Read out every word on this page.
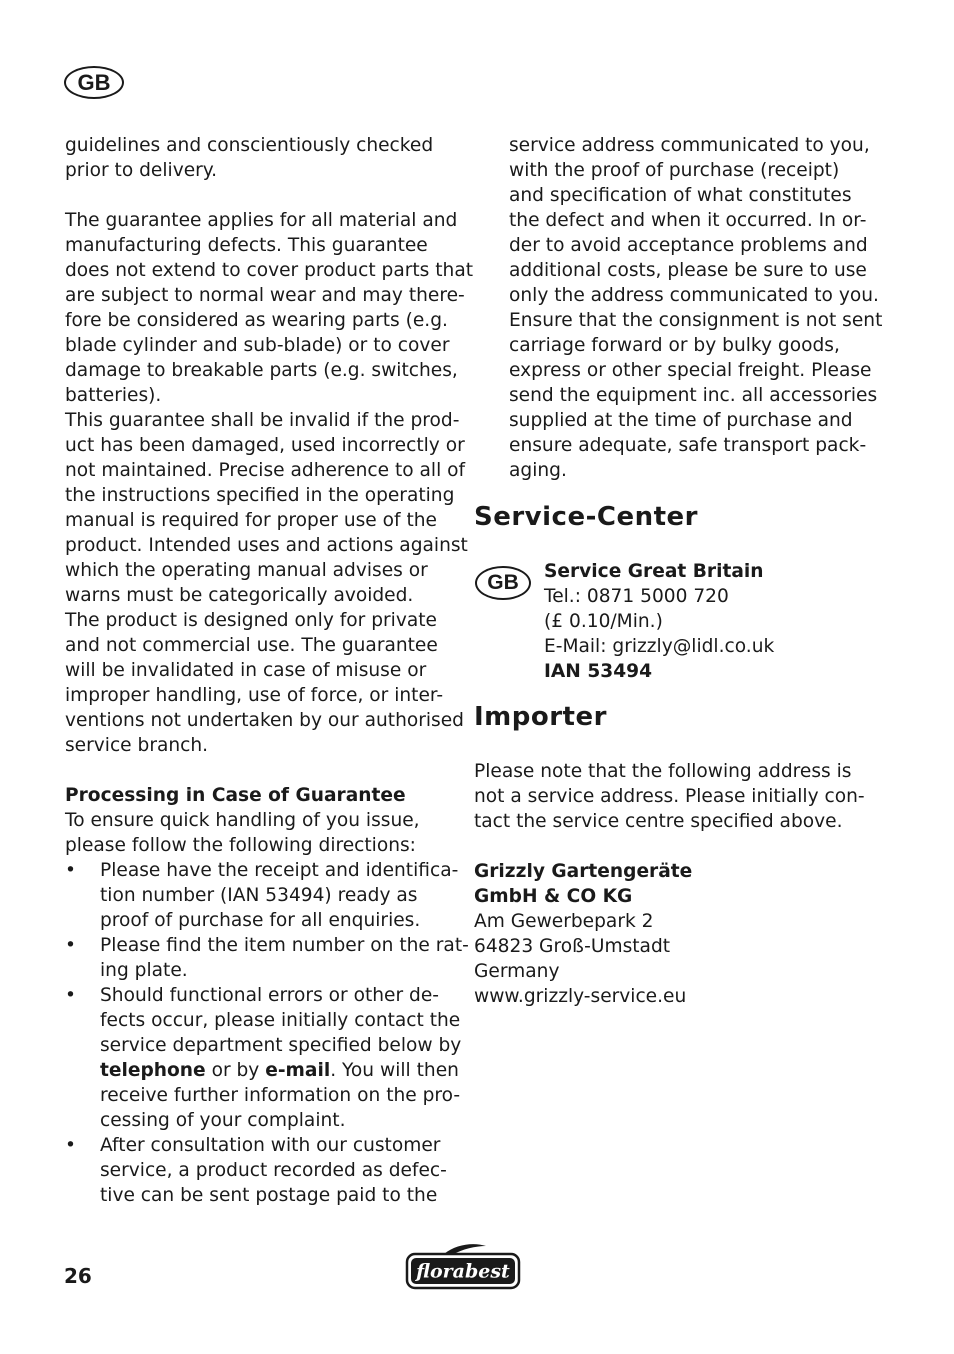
GB
guidelines and conscientiously checked
prior to delivery.
The guarantee applies for all material and
manufacturing defects. This guarantee
does not extend to cover product parts that
are subject to normal wear and may there-
fore be considered as wearing parts (e.g.
blade cylinder and sub-blade) or to cover
damage to breakable parts (e.g. switches,
batteries).
This guarantee shall be invalid if the prod-
uct has been damaged, used incorrectly or
not maintained. Precise adherence to all of
the instructions specified in the operating
manual is required for proper use of the
product. Intended uses and actions against
which the operating manual advises or
warns must be categorically avoided.
The product is designed only for private
and not commercial use. The guarantee
will be invalidated in case of misuse or
improper handling, use of force, or inter-
ventions not undertaken by our authorised
service branch.
Processing in Case of Guarantee
To ensure quick handling of you issue,
please follow the following directions:
• Please have the receipt and identifica-
tion number (IAN 53494) ready as
proof of purchase for all enquiries.
• Please find the item number on the rat-
ing plate.
• Should functional errors or other de-
fects occur, please initially contact the
service department specified below by
telephone or by e-mail. You will then
receive further information on the pro-
cessing of your complaint.
• After consultation with our customer
service, a product recorded as defec-
tive can be sent postage paid to the
service address communicated to you,
with the proof of purchase (receipt)
and specification of what constitutes
the defect and when it occurred. In or-
der to avoid acceptance problems and
additional costs, please be sure to use
only the address communicated to you.
Ensure that the consignment is not sent
carriage forward or by bulky goods,
express or other special freight. Please
send the equipment inc. all accessories
supplied at the time of purchase and
ensure adequate, safe transport pack-
aging.
Service-Center
GB Service Great Britain
Tel.: 0871 5000 720
(£ 0.10/Min.)
E-Mail: grizzly@lidl.co.uk
IAN 53494
Importer
Please note that the following address is
not a service address. Please initially con-
tact the service centre specified above.
Grizzly Gartengeräte
GmbH & CO KG
Am Gewerbepark 2
64823 Groß-Umstadt
Germany
www.grizzly-service.eu
26	florabest
